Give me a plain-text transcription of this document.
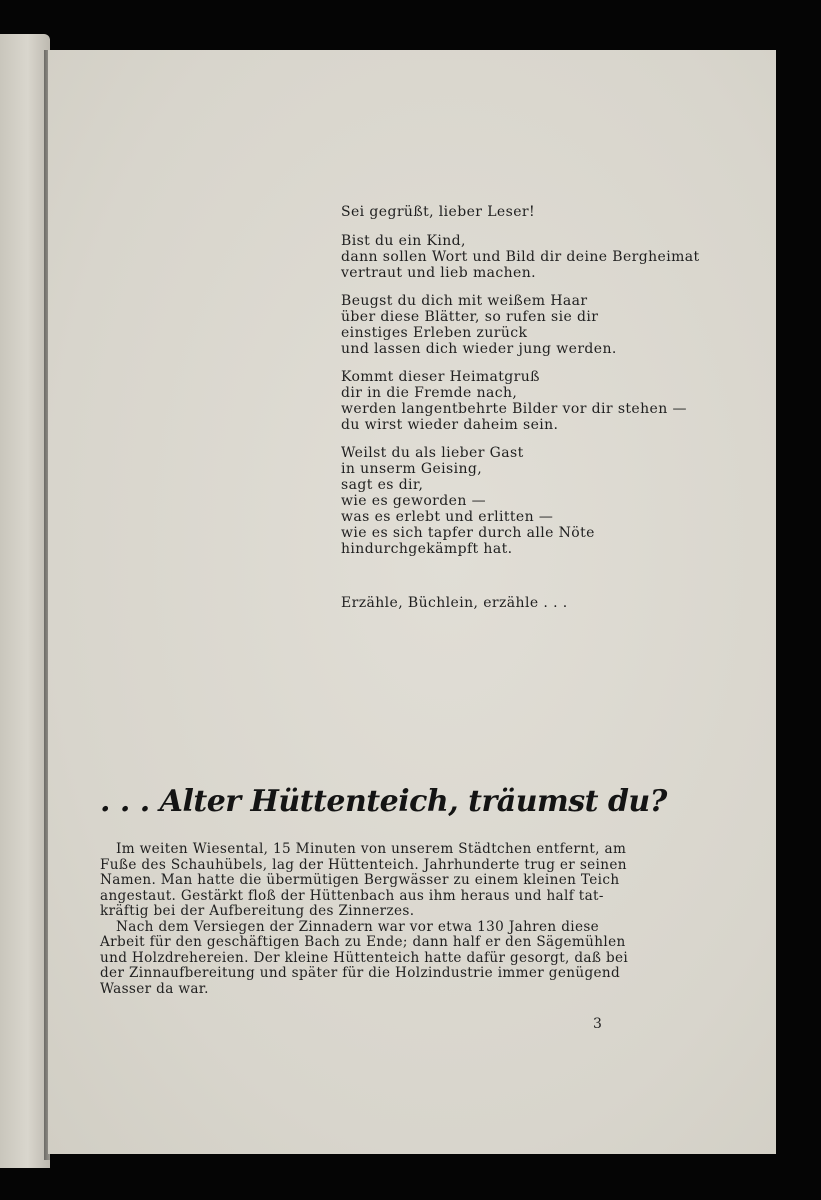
Sei gegrüßt, lieber Leser!
Bist du ein Kind,
dann sollen Wort und Bild dir deine Bergheimat
vertraut und lieb machen.
Beugst du dich mit weißem Haar
über diese Blätter, so rufen sie dir
einstiges Erleben zurück
und lassen dich wieder jung werden.
Kommt dieser Heimatgruß
dir in die Fremde nach,
werden langentbehrte Bilder vor dir stehen —
du wirst wieder daheim sein.
Weilst du als lieber Gast
in unserm Geising,
sagt es dir,
wie es geworden —
was es erlebt und erlitten —
wie es sich tapfer durch alle Nöte
hindurchgekämpft hat.
Erzähle, Büchlein, erzähle . . .
. . . Alter Hüttenteich, träumst du?
Im weiten Wiesental, 15 Minuten von unserem Städtchen entfernt, am
Fuße des Schauhübels, lag der Hüttenteich. Jahrhunderte trug er seinen
Namen. Man hatte die übermütigen Bergwässer zu einem kleinen Teich
angestaut. Gestärkt floß der Hüttenbach aus ihm heraus und half tat-
kräftig bei der Aufbereitung des Zinnerzes.
Nach dem Versiegen der Zinnadern war vor etwa 130 Jahren diese
Arbeit für den geschäftigen Bach zu Ende; dann half er den Sägemühlen
und Holzdrehereien. Der kleine Hüttenteich hatte dafür gesorgt, daß bei
der Zinnaufbereitung und später für die Holzindustrie immer genügend
Wasser da war.
3
